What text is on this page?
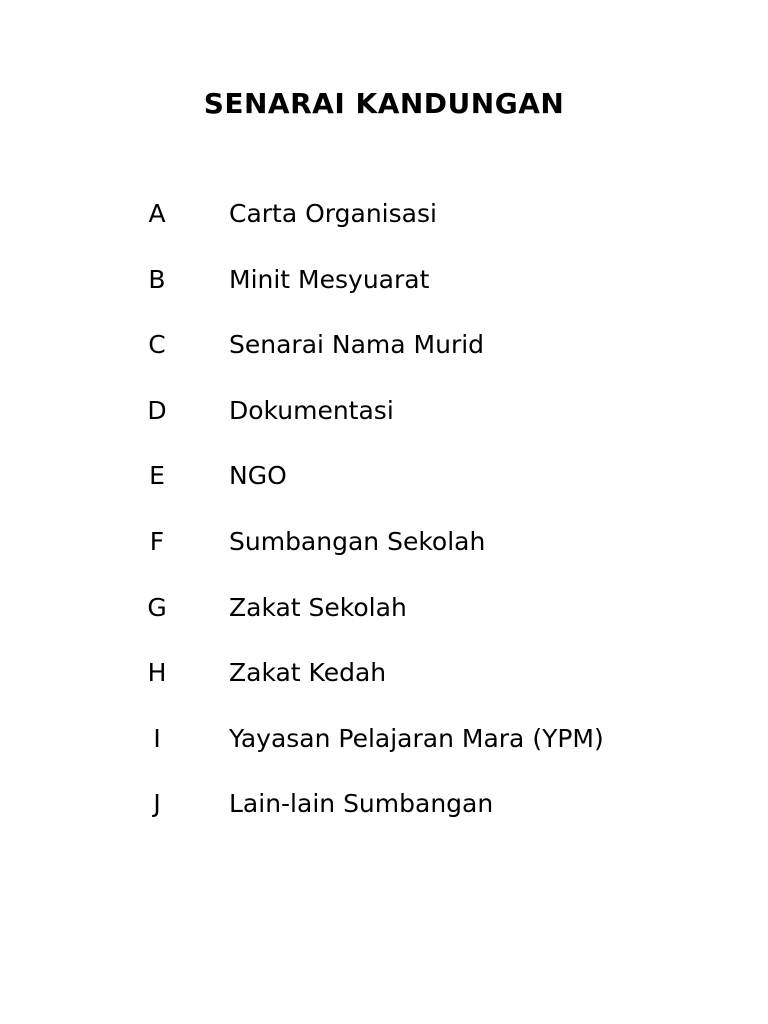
SENARAI KANDUNGAN
A	Carta Organisasi
B	Minit Mesyuarat
C	Senarai Nama Murid
D	Dokumentasi
E	NGO
F	Sumbangan Sekolah
G	Zakat Sekolah
H	Zakat Kedah
I	Yayasan Pelajaran Mara (YPM)
J	Lain-lain Sumbangan
